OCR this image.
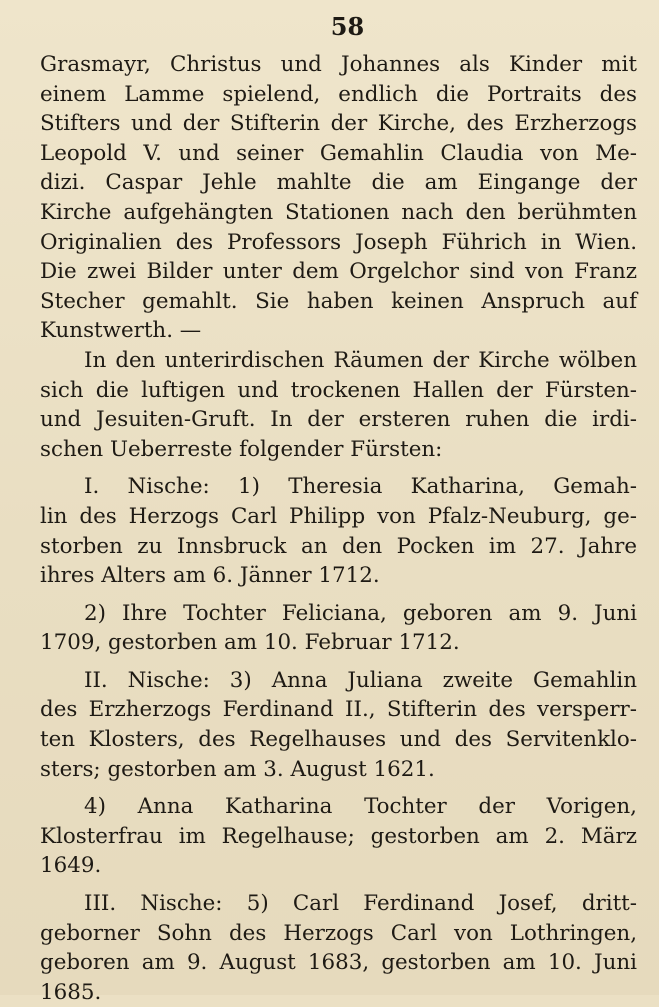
58
Grasmayr, Christus und Johannes als Kinder mit
einem Lamme spielend, endlich die Portraits des
Stifters und der Stifterin der Kirche, des Erzherzogs
Leopold V. und seiner Gemahlin Claudia von Me-
dizi. Caspar Jehle mahlte die am Eingange der
Kirche aufgehängten Stationen nach den berühmten
Originalien des Professors Joseph Führich in Wien.
Die zwei Bilder unter dem Orgelchor sind von Franz
Stecher gemahlt. Sie haben keinen Anspruch auf
Kunstwerth. —
In den unterirdischen Räumen der Kirche wölben
sich die luftigen und trockenen Hallen der Fürsten-
und Jesuiten-Gruft. In der ersteren ruhen die irdi-
schen Ueberreste folgender Fürsten:
I. Nische: 1) Theresia Katharina, Gemah-
lin des Herzogs Carl Philipp von Pfalz-Neuburg, ge-
storben zu Innsbruck an den Pocken im 27. Jahre
ihres Alters am 6. Jänner 1712.
2) Ihre Tochter Feliciana, geboren am 9. Juni
1709, gestorben am 10. Februar 1712.
II. Nische: 3) Anna Juliana zweite Gemahlin
des Erzherzogs Ferdinand II., Stifterin des versperr-
ten Klosters, des Regelhauses und des Servitenklo-
sters; gestorben am 3. August 1621.
4) Anna Katharina Tochter der Vorigen,
Klosterfrau im Regelhause; gestorben am 2. März
1649.
III. Nische: 5) Carl Ferdinand Josef, dritt-
geborner Sohn des Herzogs Carl von Lothringen,
geboren am 9. August 1683, gestorben am 10. Juni
1685.
